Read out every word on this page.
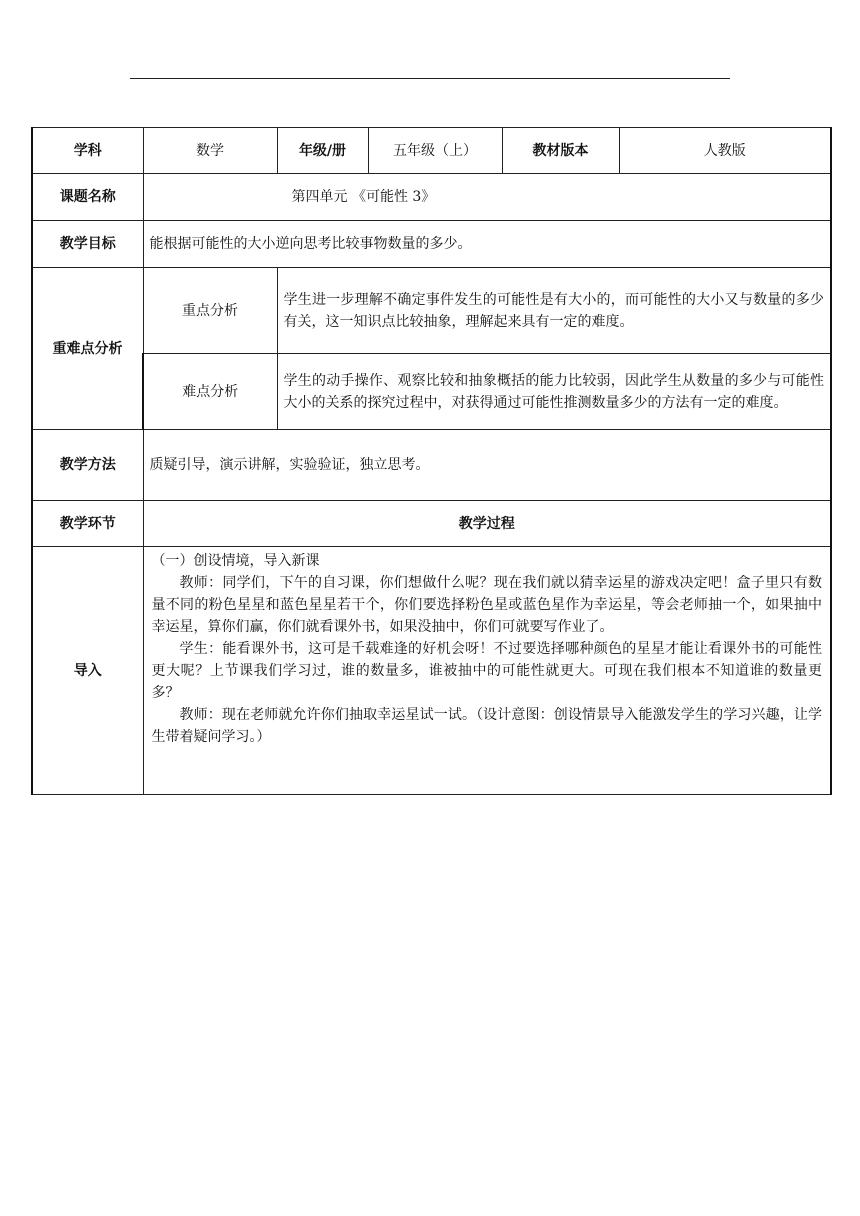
学科	数学	年级/册	五年级（上）	教材版本	人教版
课题名称	第四单元 《可能性 3》				
教学目标	能根据可能性的大小逆向思考比较事物数量的多少。				
重难点分析	重点分析	学生进一步理解不确定事件发生的可能性是有大小的，而可能性的大小又与数量的多少有关，这一知识点比较抽象，理解起来具有一定的难度。			
	难点分析	学生的动手操作、观察比较和抽象概括的能力比较弱，因此学生从数量的多少与可能性大小的关系的探究过程中，对获得通过可能性推测数量多少的方法有一定的难度。			
教学方法	质疑引导，演示讲解，实验验证，独立思考。				
教学环节	教学过程				
导入	（一）创设情境，导入新课

教师：同学们，下午的自习课，你们想做什么呢？现在我们就以猜幸运星的游戏决定吧！盒子里只有数量不同的粉色星星和蓝色星星若干个，你们要选择粉色星或蓝色星作为幸运星，等会老师抽一个，如果抽中幸运星，算你们赢，你们就看课外书，如果没抽中，你们可就要写作业了。

学生：能看课外书，这可是千载难逢的好机会呀！不过要选择哪种颜色的星星才能让看课外书的可能性更大呢？上节课我们学习过，谁的数量多，谁被抽中的可能性就更大。可现在我们根本不知道谁的数量更多？

教师：现在老师就允许你们抽取幸运星试一试。（设计意图：创设情景导入能激发学生的学习兴趣，让学生带着疑问学习。）				
